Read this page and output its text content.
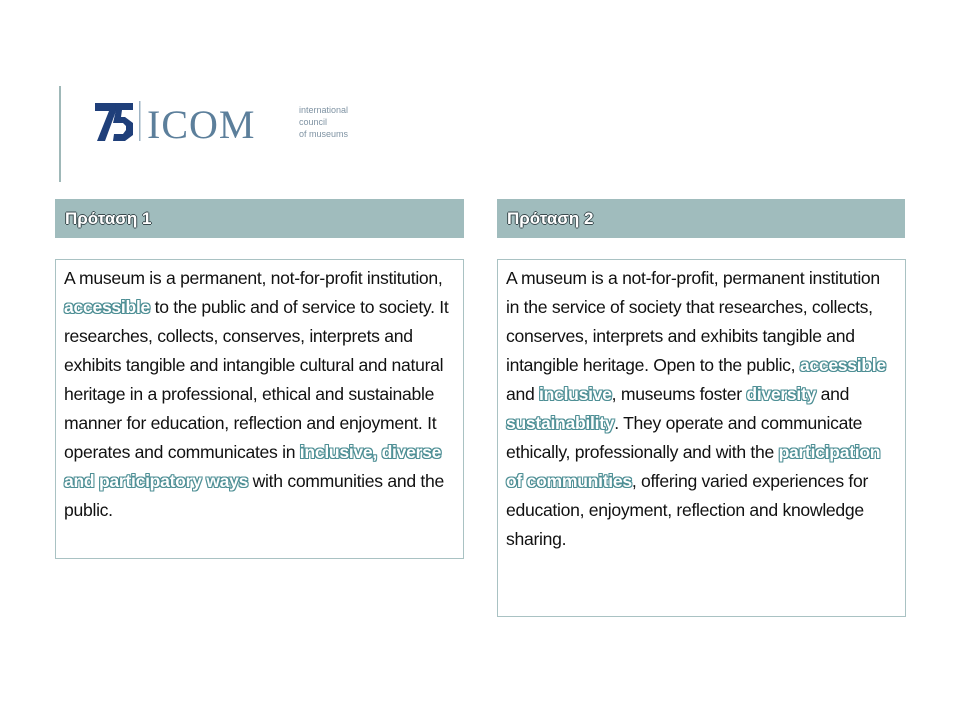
ICOM	international
council
of museums
Πρόταση 1	Πρόταση 2

A museum is a permanent, not-for-profit institution, accessible to the public and of service to society. It researches, collects, conserves, interprets and exhibits tangible and intangible cultural and natural heritage in a professional, ethical and sustainable manner for education, reflection and enjoyment. It operates and communicates in inclusive, diverse and participatory ways with communities and the public.

A museum is a not-for-profit, permanent institution in the service of society that researches, collects, conserves, interprets and exhibits tangible and intangible heritage. Open to the public, accessible and inclusive, museums foster diversity and sustainability. They operate and communicate ethically, professionally and with the participation of communities, offering varied experiences for education, enjoyment, reflection and knowledge sharing.
